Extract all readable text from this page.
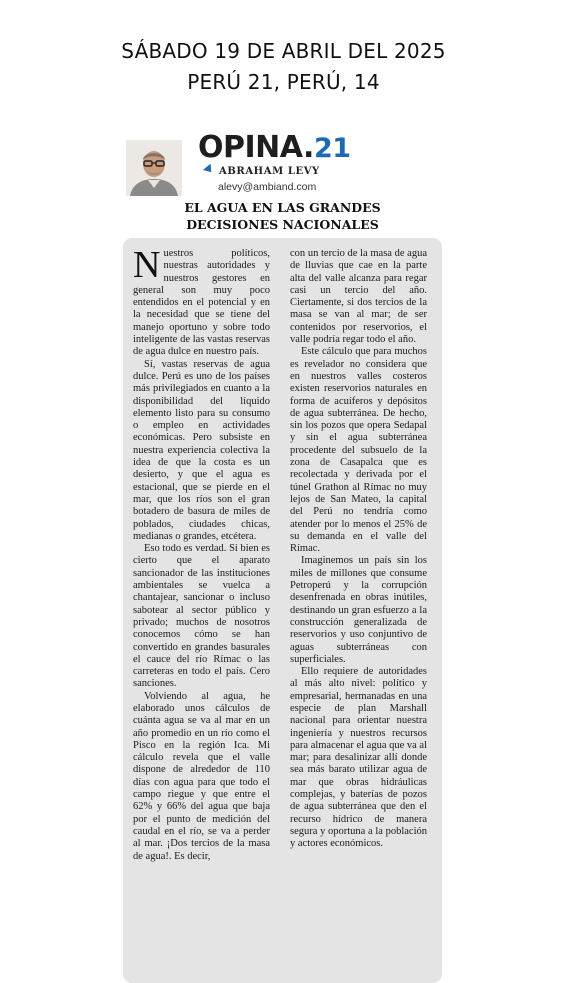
SÁBADO 19 DE ABRIL DEL 2025
PERÚ 21, PERÚ, 14
OPINA.21
ABRAHAM LEVY
alevy@ambiand.com
EL AGUA EN LAS GRANDES
DECISIONES NACIONALES

Nuestros políticos, nuestras autoridades y nuestros gestores en general son muy poco entendidos en el potencial y en la necesidad que se tiene del manejo oportuno y sobre todo inteligente de las vastas reservas de agua dulce en nuestro país.

Sí, vastas reservas de agua dulce. Perú es uno de los países más privilegiados en cuanto a la disponibilidad del líquido elemento listo para su consumo o empleo en actividades económicas. Pero subsiste en nuestra experiencia colectiva la idea de que la costa es un desierto, y que el agua es estacional, que se pierde en el mar, que los ríos son el gran botadero de basura de miles de poblados, ciudades chicas, medianas o grandes, etcétera.

Eso todo es verdad. Si bien es cierto que el aparato sancionador de las instituciones ambientales se vuelca a chantajear, sancionar o incluso sabotear al sector público y privado; muchos de nosotros conocemos cómo se han convertido en grandes basurales el cauce del río Rímac o las carreteras en todo el país. Cero sanciones.

Volviendo al agua, he elaborado unos cálculos de cuánta agua se va al mar en un año promedio en un río como el Pisco en la región Ica. Mi cálculo revela que el valle dispone de alrededor de 110 días con agua para que todo el campo riegue y que entre el 62% y 66% del agua que baja por el punto de medición del caudal en el río, se va a perder al mar. ¡Dos tercios de la masa de agua!. Es decir,

con un tercio de la masa de agua de lluvias que cae en la parte alta del valle alcanza para regar casi un tercio del año. Ciertamente, si dos tercios de la masa se van al mar; de ser contenidos por reservorios, el valle podría regar todo el año.

Este cálculo que para muchos es revelador no considera que en nuestros valles costeros existen reservorios naturales en forma de acuíferos y depósitos de agua subterránea. De hecho, sin los pozos que opera Sedapal y sin el agua subterránea procedente del subsuelo de la zona de Casapalca que es recolectada y derivada por el túnel Grathon al Rímac no muy lejos de San Mateo, la capital del Perú no tendría como atender por lo menos el 25% de su demanda en el valle del Rímac.

Imaginemos un país sin los miles de millones que consume Petroperú y la corrupción desenfrenada en obras inútiles, destinando un gran esfuerzo a la construcción generalizada de reservorios y uso conjuntivo de aguas subterráneas con superficiales.

Ello requiere de autoridades al más alto nivel: político y empresarial, hermanadas en una especie de plan Marshall nacional para orientar nuestra ingeniería y nuestros recursos para almacenar el agua que va al mar; para desalinizar allí donde sea más barato utilizar agua de mar que obras hidráulicas complejas, y baterías de pozos de agua subterránea que den el recurso hídrico de manera segura y oportuna a la población y actores económicos.
